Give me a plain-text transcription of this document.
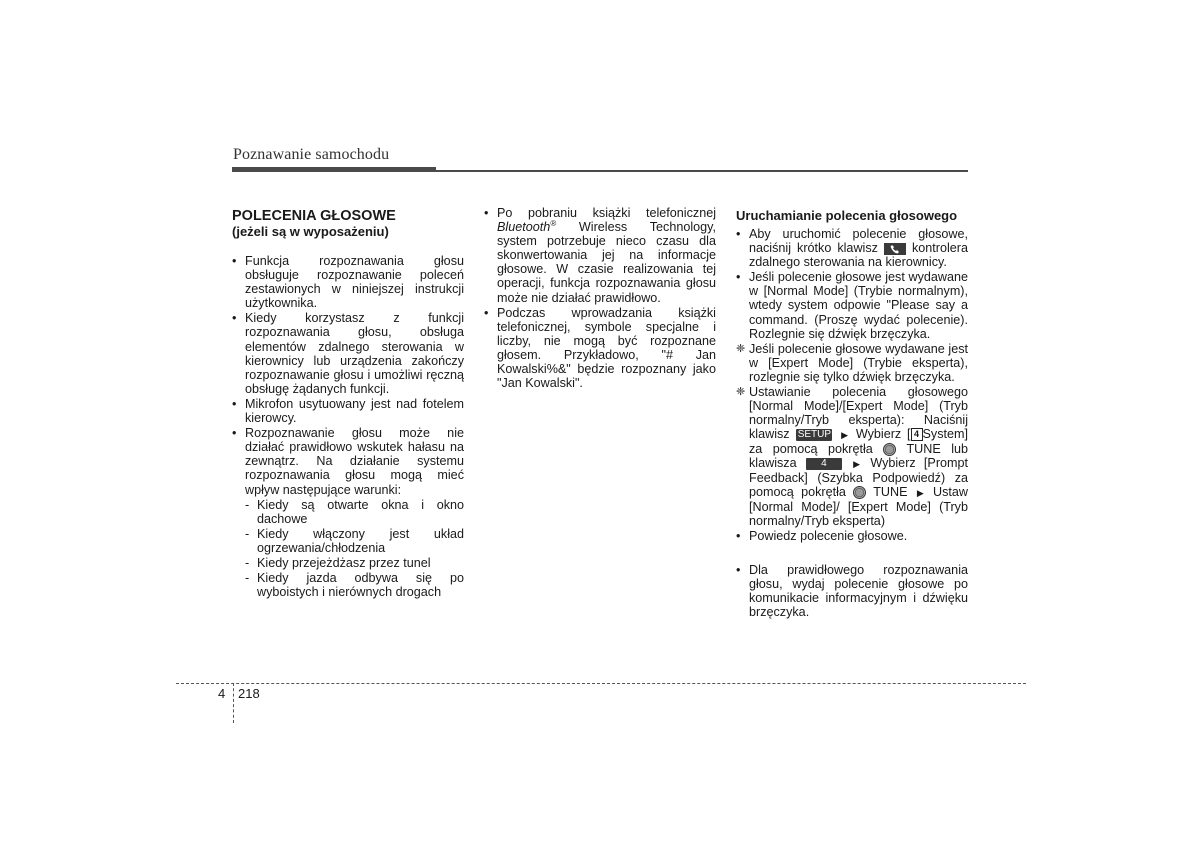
Poznawanie samochodu
POLECENIA GŁOSOWE
(jeżeli są w wyposażeniu)
• Funkcja rozpoznawania głosu obsługuje rozpoznawanie poleceń zestawionych w niniejszej instrukcji użytkownika.
• Kiedy korzystasz z funkcji rozpoznawania głosu, obsługa elementów zdalnego sterowania w kierownicy lub urządzenia zakończy rozpoznawanie głosu i umożliwi ręczną obsługę żądanych funkcji.
• Mikrofon usytuowany jest nad fotelem kierowcy.
• Rozpoznawanie głosu może nie działać prawidłowo wskutek hałasu na zewnątrz. Na działanie systemu rozpoznawania głosu mogą mieć wpływ następujące warunki:
- Kiedy są otwarte okna i okno dachowe
- Kiedy włączony jest układ ogrzewania/chłodzenia
- Kiedy przejeżdżasz przez tunel
- Kiedy jazda odbywa się po wyboistych i nierównych drogach
• Po pobraniu książki telefonicznej Bluetooth® Wireless Technology, system potrzebuje nieco czasu dla skonwertowania jej na informacje głosowe. W czasie realizowania tej operacji, funkcja rozpoznawania głosu może nie działać prawidłowo.
• Podczas wprowadzania książki telefonicznej, symbole specjalne i liczby, nie mogą być rozpoznane głosem. Przykładowo, "# Jan Kowalski%&" będzie rozpoznany jako "Jan Kowalski".
Uruchamianie polecenia głosowego
• Aby uruchomić polecenie głosowe, naciśnij krótko klawisz	kontrolera zdalnego sterowania na kierownicy.
• Jeśli polecenie głosowe jest wydawane w [Normal Mode] (Trybie normalnym), wtedy system odpowie "Please say a command. (Proszę wydać polecenie). Rozlegnie się dźwięk brzęczyka.
❈ Jeśli polecenie głosowe wydawane jest w [Expert Mode] (Trybie eksperta), rozlegnie się tylko dźwięk brzęczyka.
❈ Ustawianie polecenia głosowego [Normal Mode]/[Expert Mode] (Tryb normalny/Tryb eksperta): Naciśnij klawisz SETUP ▶ Wybierz [ 4 System] za pomocą pokrętła	TUNE lub klawisza 4	▶ Wybierz [Prompt Feedback] (Szybka Podpowiedź) za pomocą pokrętła TUNE ▶ Ustaw [Normal Mode]/ [Expert Mode] (Tryb normalny/Tryb eksperta)
• Powiedz polecenie głosowe.
• Dla prawidłowego rozpoznawania głosu, wydaj polecenie głosowe po komunikacie informacyjnym i dźwięku brzęczyka.
4 218
